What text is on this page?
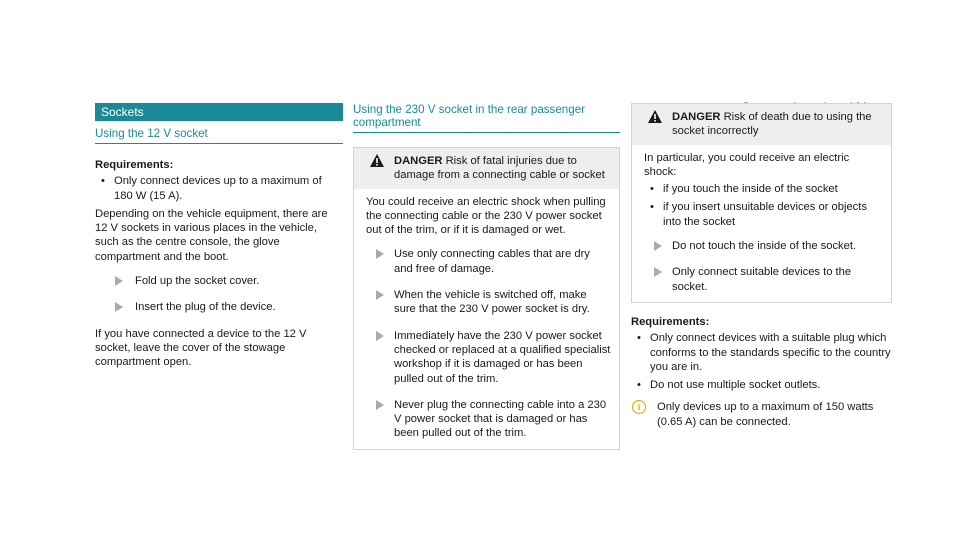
Sockets
Using the 12 V socket

Requirements:

• Only connect devices up to a maximum of 180 W (15 A).

Depending on the vehicle equipment, there are 12 V sockets in various places in the vehicle, such as the centre console, the glove compartment and the boot.

Fold up the socket cover.
Insert the plug of the device.

If you have connected a device to the 12 V socket, leave the cover of the stowage compartment open.

Using the 230 V socket in the rear passenger compartment
DANGER Risk of fatal injuries due to damage from a connecting cable or socket

You could receive an electric shock when pulling the connecting cable or the 230 V power socket out of the trim, or if it is damaged or wet.

Use only connecting cables that are dry and free of damage.
When the vehicle is switched off, make sure that the 230 V power socket is dry.
Immediately have the 230 V power socket checked or replaced at a qualified specialist workshop if it is damaged or has been pulled out of the trim.
Never plug the connecting cable into a 230 V power socket that is damaged or has been pulled out of the trim.
DANGER Risk of death due to using the socket incorrectly

In particular, you could receive an electric shock:

• if you touch the inside of the socket
• if you insert unsuitable devices or objects into the socket
Do not touch the inside of the socket.
Only connect suitable devices to the socket.

Requirements:

• Only connect devices with a suitable plug which conforms to the standards specific to the country you are in.
• Do not use multiple socket outlets.
i	Only devices up to a maximum of 150 watts (0.65 A) can be connected.
